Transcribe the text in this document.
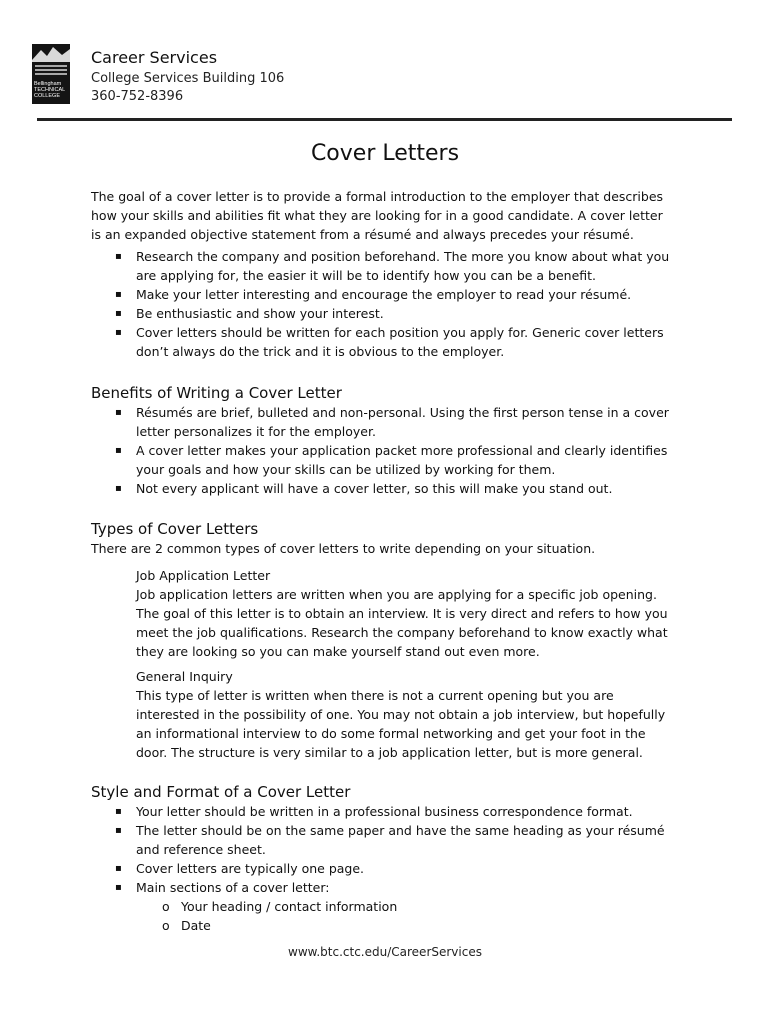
Bellingham
TECHNICAL
COLLEGE
Career Services
College Services Building 106
360-752-8396
Cover Letters

The goal of a cover letter is to provide a formal introduction to the employer that describes how your skills and abilities fit what they are looking for in a good candidate. A cover letter is an expanded objective statement from a résumé and always precedes your résumé.

▪ Research the company and position beforehand. The more you know about what you are applying for, the easier it will be to identify how you can be a benefit.
▪ Make your letter interesting and encourage the employer to read your résumé.
▪ Be enthusiastic and show your interest.
▪ Cover letters should be written for each position you apply for. Generic cover letters don’t always do the trick and it is obvious to the employer.
Benefits of Writing a Cover Letter
▪ Résumés are brief, bulleted and non-personal. Using the first person tense in a cover letter personalizes it for the employer.
▪ A cover letter makes your application packet more professional and clearly identifies your goals and how your skills can be utilized by working for them.
▪ Not every applicant will have a cover letter, so this will make you stand out.
Types of Cover Letters

There are 2 common types of cover letters to write depending on your situation.

Job Application Letter

Job application letters are written when you are applying for a specific job opening. The goal of this letter is to obtain an interview. It is very direct and refers to how you meet the job qualifications. Research the company beforehand to know exactly what they are looking so you can make yourself stand out even more.

General Inquiry

This type of letter is written when there is not a current opening but you are interested in the possibility of one. You may not obtain a job interview, but hopefully an informational interview to do some formal networking and get your foot in the door. The structure is very similar to a job application letter, but is more general.

Style and Format of a Cover Letter
▪ Your letter should be written in a professional business correspondence format.
▪ The letter should be on the same paper and have the same heading as your résumé and reference sheet.
▪ Cover letters are typically one page.
▪ Main sections of a cover letter:
o Your heading / contact information
o Date
www.btc.ctc.edu/CareerServices
